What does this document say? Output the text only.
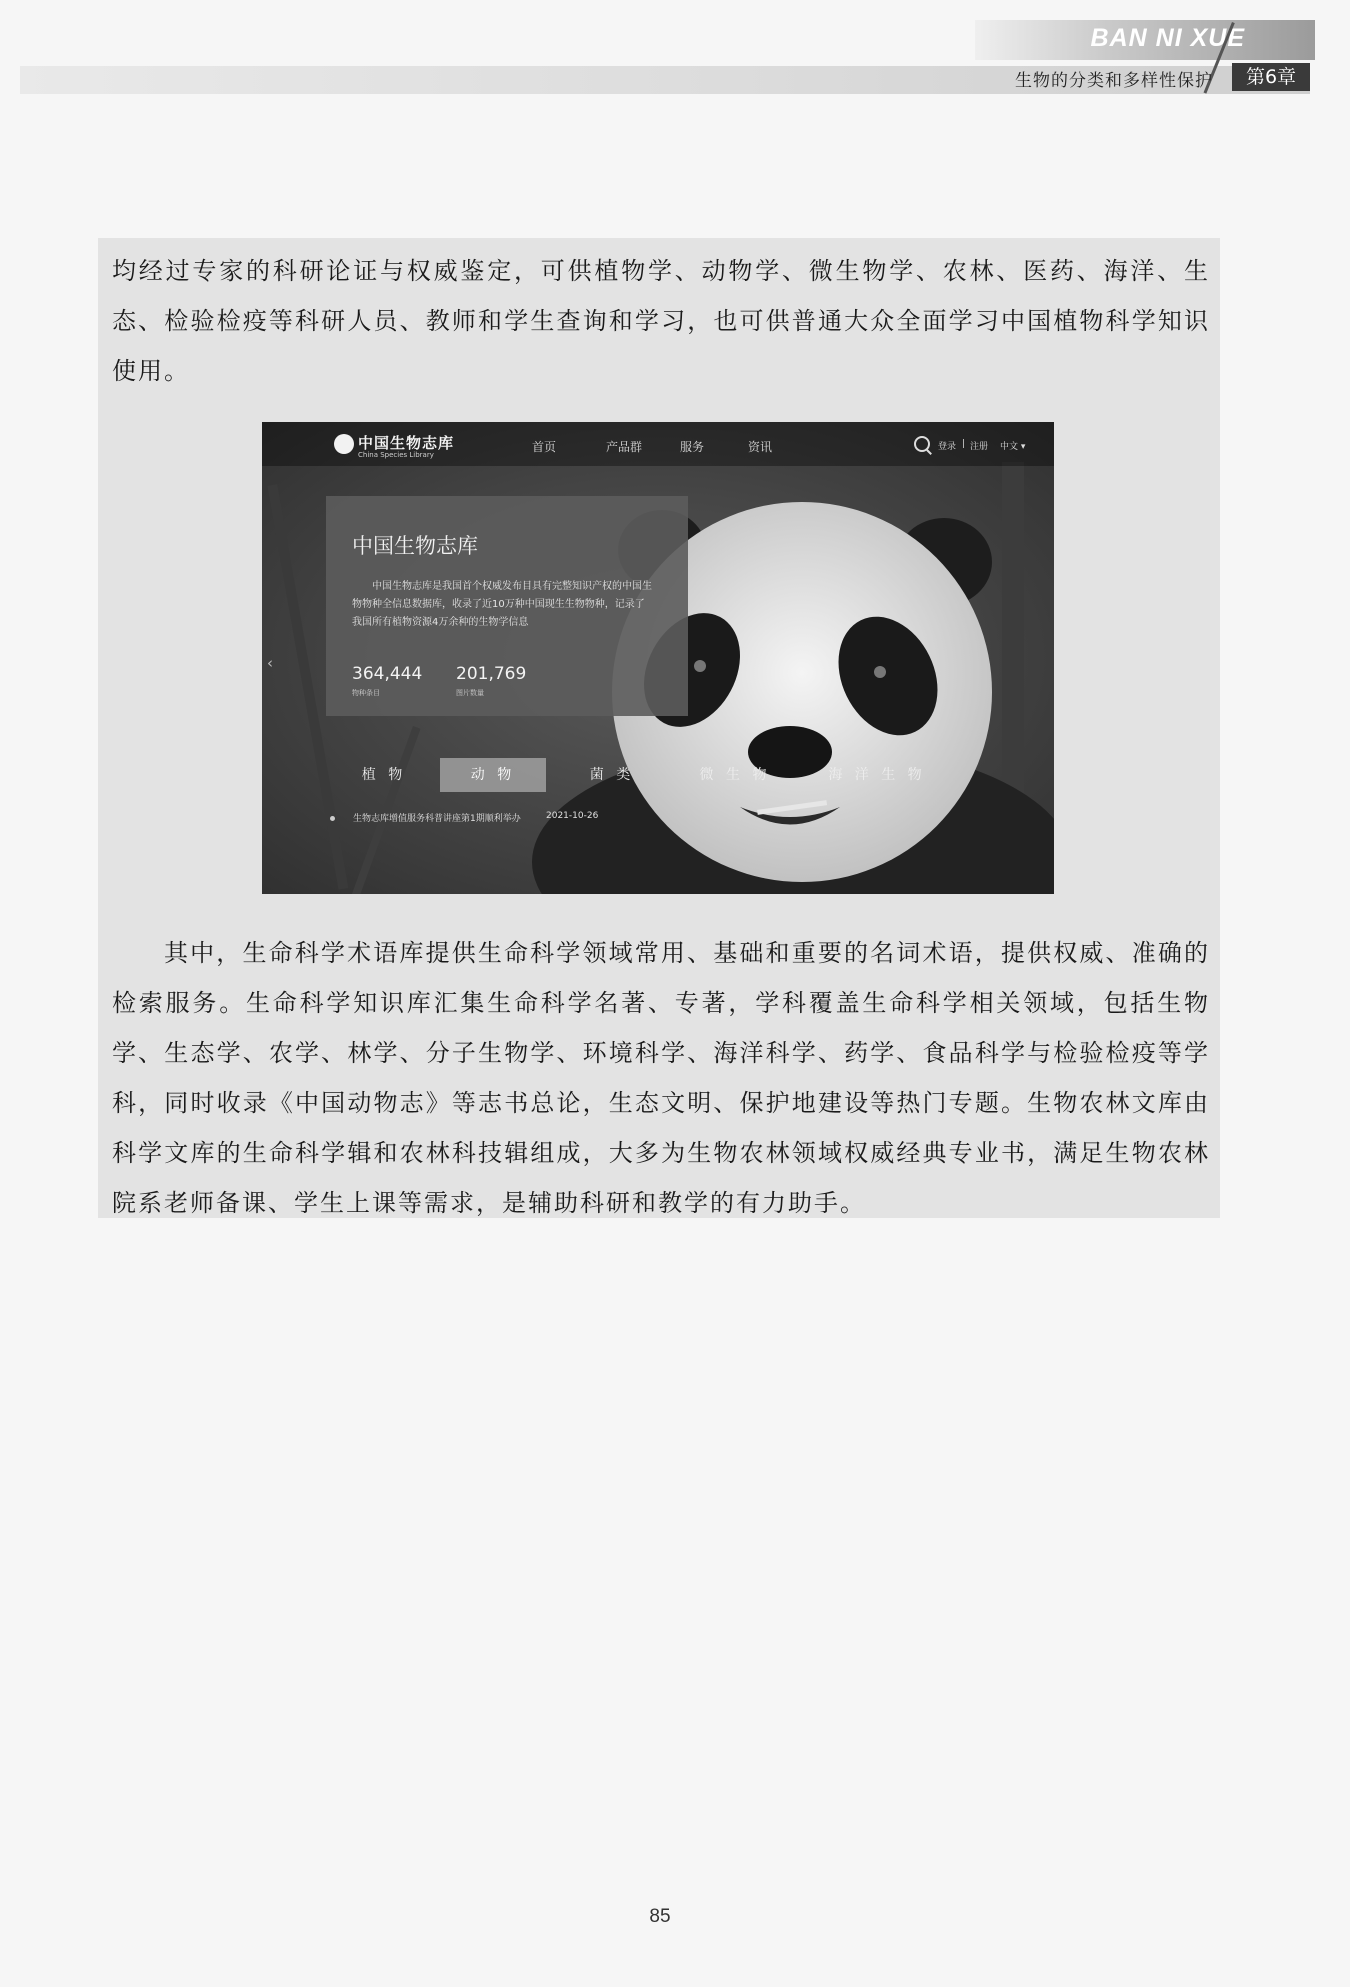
BAN NI XUE
生物的分类和多样性保护	第6章

均经过专家的科研论证与权威鉴定，可供植物学、动物学、微生物学、农林、医药、海洋、生态、检验检疫等科研人员、教师和学生查询和学习，也可供普通大众全面学习中国植物科学知识使用。

中国生物志库
China Species Library
首页	产品群	服务	资讯	登录 | 注册 中文 ▾
中国生物志库
中国生物志库是我国首个权威发布目具有完整知识产权的中国生物物种全信息数据库，收录了近10万种中国现生生物物种，记录了我国所有植物资源4万余种的生物学信息
364,444
物种条目
201,769
图片数量
‹
植 物	动 物	菌 类	微 生 物	海 洋 生 物
生物志库增值服务科普讲座第1期顺利举办	2021-10-26

其中，生命科学术语库提供生命科学领域常用、基础和重要的名词术语，提供权威、准确的检索服务。生命科学知识库汇集生命科学名著、专著，学科覆盖生命科学相关领域，包括生物学、生态学、农学、林学、分子生物学、环境科学、海洋科学、药学、食品科学与检验检疫等学科，同时收录《中国动物志》等志书总论，生态文明、保护地建设等热门专题。生物农林文库由科学文库的生命科学辑和农林科技辑组成，大多为生物农林领域权威经典专业书，满足生物农林院系老师备课、学生上课等需求，是辅助科研和教学的有力助手。

85
